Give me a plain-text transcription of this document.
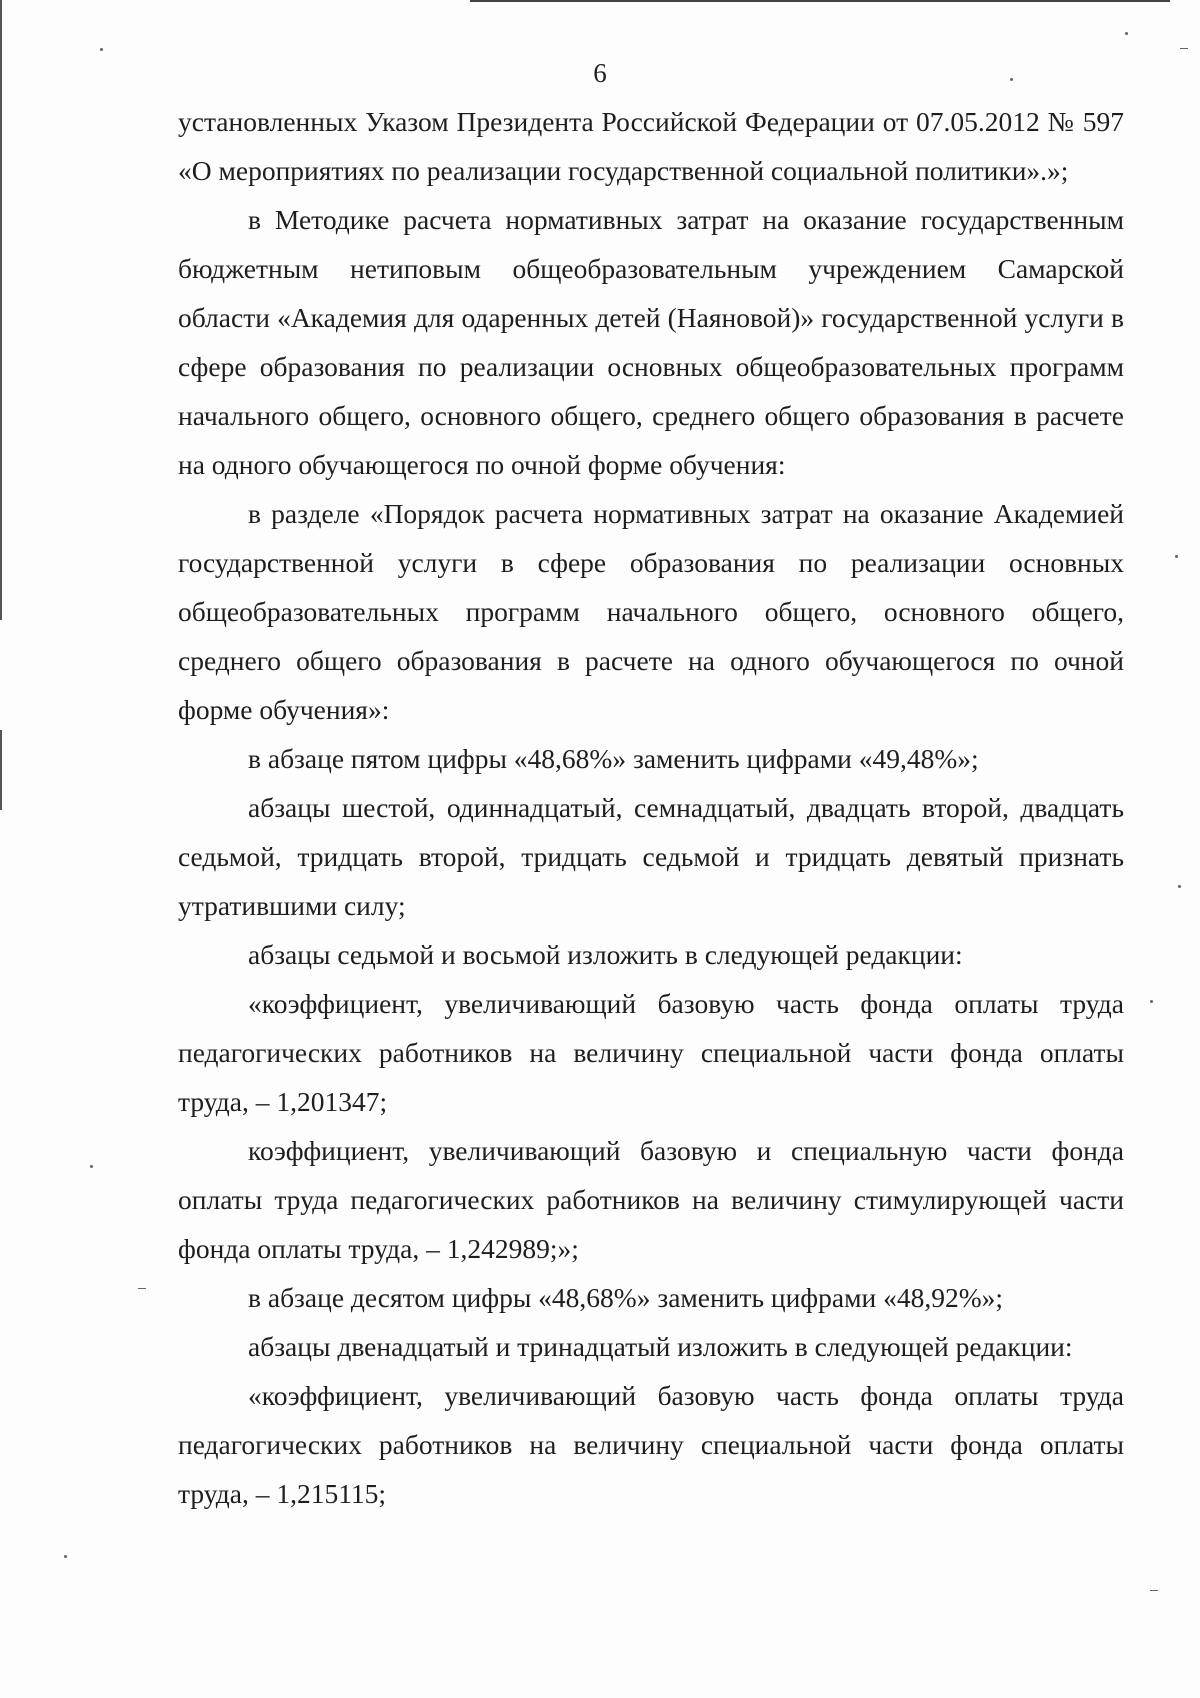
6

установленных Указом Президента Российской Федерации от 07.05.2012 № 597 «О мероприятиях по реализации государственной социальной политики».»;

в Методике расчета нормативных затрат на оказание государственным бюджетным нетиповым общеобразовательным учреждением Самарской области «Академия для одаренных детей (Наяновой)» государственной услуги в сфере образования по реализации основных общеобразовательных программ начального общего, основного общего, среднего общего образования в расчете на одного обучающегося по очной форме обучения:

в разделе «Порядок расчета нормативных затрат на оказание Академией государственной услуги в сфере образования по реализации основных общеобразовательных программ начального общего, основного общего, среднего общего образования в расчете на одного обучающегося по очной форме обучения»:

в абзаце пятом цифры «48,68%» заменить цифрами «49,48%»;

абзацы шестой, одиннадцатый, семнадцатый, двадцать второй, двадцать седьмой, тридцать второй, тридцать седьмой и тридцать девятый признать утратившими силу;

абзацы седьмой и восьмой изложить в следующей редакции:

«коэффициент, увеличивающий базовую часть фонда оплаты труда педагогических работников на величину специальной части фонда оплаты труда, – 1,201347;

коэффициент, увеличивающий базовую и специальную части фонда оплаты труда педагогических работников на величину стимулирующей части фонда оплаты труда, – 1,242989;»;

в абзаце десятом цифры «48,68%» заменить цифрами «48,92%»;

абзацы двенадцатый и тринадцатый изложить в следующей редакции:

«коэффициент, увеличивающий базовую часть фонда оплаты труда педагогических работников на величину специальной части фонда оплаты труда, – 1,215115;
